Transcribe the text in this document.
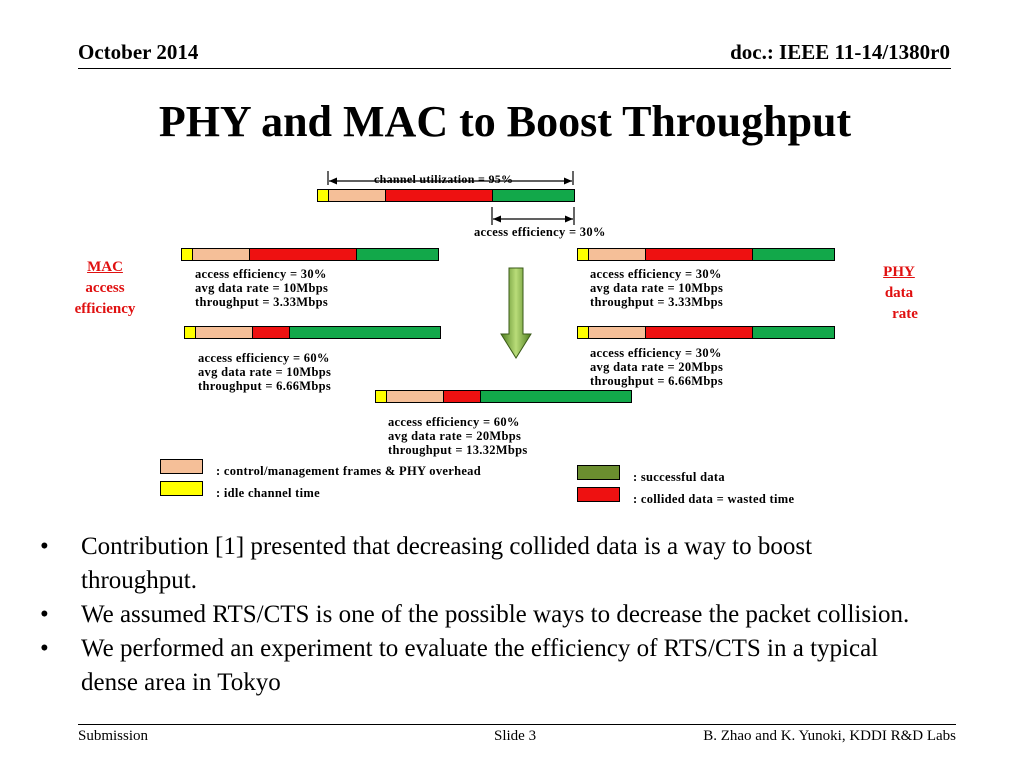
October 2014	doc.: IEEE 11-14/1380r0
PHY and MAC to Boost Throughput
channel utilization = 95%
access efficiency = 30%
MAC
access
efficiency
PHY
data
rate
access efficiency = 30%
avg data rate = 10Mbps
throughput = 3.33Mbps
access efficiency = 30%
avg data rate = 10Mbps
throughput = 3.33Mbps
access efficiency = 60%
avg data rate = 10Mbps
throughput = 6.66Mbps
access efficiency = 30%
avg data rate = 20Mbps
throughput = 6.66Mbps
access efficiency = 60%
avg data rate = 20Mbps
throughput = 13.32Mbps
: control/management frames & PHY overhead
: idle channel time
: successful data
: collided data = wasted time
•	Contribution [1] presented that decreasing collided data is a way to boost throughput.
•	We assumed RTS/CTS is one of the possible ways to decrease the packet collision.
•	We performed an experiment to evaluate the efficiency of RTS/CTS in a typical dense area in Tokyo
Submission	Slide 3	B. Zhao and K. Yunoki, KDDI R&D Labs
